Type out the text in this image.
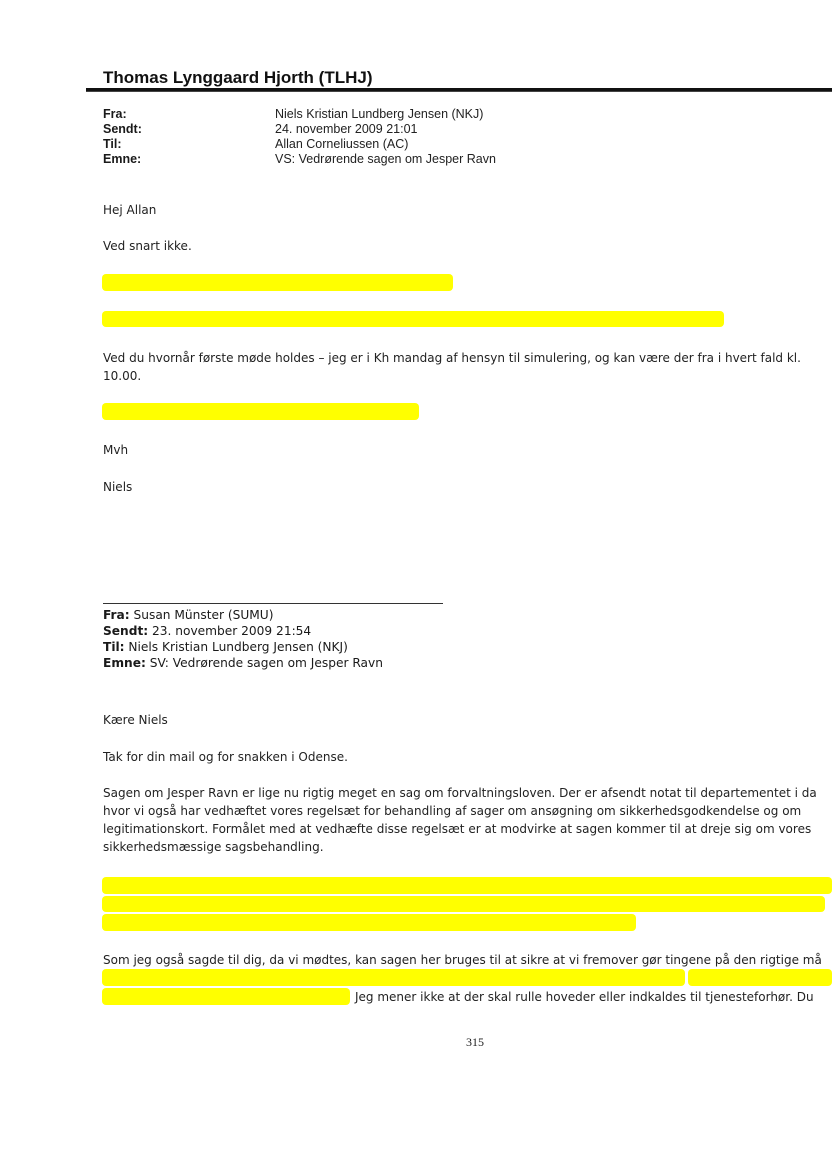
Thomas Lynggaard Hjorth (TLHJ)
Fra:	Niels Kristian Lundberg Jensen (NKJ)
Sendt:	24. november 2009 21:01
Til:	Allan Corneliussen (AC)
Emne:	VS: Vedrørende sagen om Jesper Ravn
Hej Allan
Ved snart ikke.
Ved du hvornår første møde holdes – jeg er i Kh mandag af hensyn til simulering, og kan være der fra i hvert fald kl.
10.00.
Mvh
Niels
Fra: Susan Münster (SUMU)
Sendt: 23. november 2009 21:54
Til: Niels Kristian Lundberg Jensen (NKJ)
Emne: SV: Vedrørende sagen om Jesper Ravn
Kære Niels
Tak for din mail og for snakken i Odense.
Sagen om Jesper Ravn er lige nu rigtig meget en sag om forvaltningsloven. Der er afsendt notat til departementet i da
hvor vi også har vedhæftet vores regelsæt for behandling af sager om ansøgning om sikkerhedsgodkendelse og om
legitimationskort. Formålet med at vedhæfte disse regelsæt er at modvirke at sagen kommer til at dreje sig om vores
sikkerhedsmæssige sagsbehandling.
Som jeg også sagde til dig, da vi mødtes, kan sagen her bruges til at sikre at vi fremover gør tingene på den rigtige må
Jeg mener ikke at der skal rulle hoveder eller indkaldes til tjenesteforhør. Du
315
